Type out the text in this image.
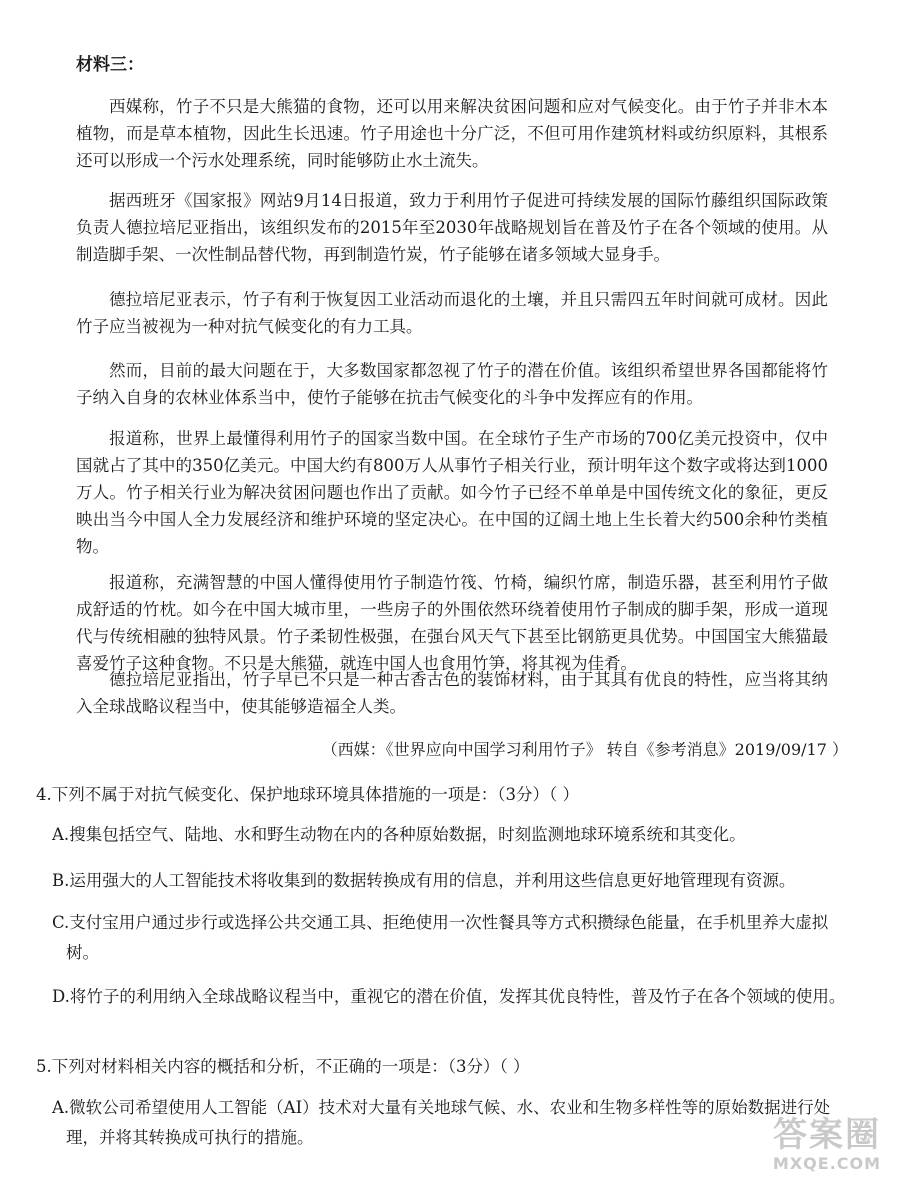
材料三：
西媒称，竹子不只是大熊猫的食物，还可以用来解决贫困问题和应对气候变化。由于竹子并非木本植物，而是草本植物，因此生长迅速。竹子用途也十分广泛，不但可用作建筑材料或纺织原料，其根系还可以形成一个污水处理系统，同时能够防止水土流失。
据西班牙《国家报》网站9月14日报道，致力于利用竹子促进可持续发展的国际竹藤组织国际政策负责人德拉培尼亚指出，该组织发布的2015年至2030年战略规划旨在普及竹子在各个领域的使用。从制造脚手架、一次性制品替代物，再到制造竹炭，竹子能够在诸多领域大显身手。
德拉培尼亚表示，竹子有利于恢复因工业活动而退化的土壤，并且只需四五年时间就可成材。因此竹子应当被视为一种对抗气候变化的有力工具。
然而，目前的最大问题在于，大多数国家都忽视了竹子的潜在价值。该组织希望世界各国都能将竹子纳入自身的农林业体系当中，使竹子能够在抗击气候变化的斗争中发挥应有的作用。
报道称，世界上最懂得利用竹子的国家当数中国。在全球竹子生产市场的700亿美元投资中，仅中国就占了其中的350亿美元。中国大约有800万人从事竹子相关行业，预计明年这个数字或将达到1000万人。竹子相关行业为解决贫困问题也作出了贡献。如今竹子已经不单单是中国传统文化的象征，更反映出当今中国人全力发展经济和维护环境的坚定决心。在中国的辽阔土地上生长着大约500余种竹类植物。
报道称，充满智慧的中国人懂得使用竹子制造竹筏、竹椅，编织竹席，制造乐器，甚至利用竹子做成舒适的竹枕。如今在中国大城市里，一些房子的外围依然环绕着使用竹子制成的脚手架，形成一道现代与传统相融的独特风景。竹子柔韧性极强，在强台风天气下甚至比钢筋更具优势。中国国宝大熊猫最喜爱竹子这种食物。不只是大熊猫，就连中国人也食用竹笋，将其视为佳肴。
德拉培尼亚指出，竹子早已不只是一种古香古色的装饰材料，由于其具有优良的特性，应当将其纳入全球战略议程当中，使其能够造福全人类。
（西媒：《世界应向中国学习利用竹子》 转自《参考消息》2019/09/17 ）
4.下列不属于对抗气候变化、保护地球环境具体措施的一项是：（3分）（ ）
A.搜集包括空气、陆地、水和野生动物在内的各种原始数据，时刻监测地球环境系统和其变化。
B.运用强大的人工智能技术将收集到的数据转换成有用的信息，并利用这些信息更好地管理现有资源。
C.支付宝用户通过步行或选择公共交通工具、拒绝使用一次性餐具等方式积攒绿色能量，在手机里养大虚拟树。
D.将竹子的利用纳入全球战略议程当中，重视它的潜在价值，发挥其优良特性，普及竹子在各个领域的使用。
5.下列对材料相关内容的概括和分析，不正确的一项是：（3分）（ ）
A.微软公司希望使用人工智能（AI）技术对大量有关地球气候、水、农业和生物多样性等的原始数据进行处理，并将其转换成可执行的措施。	答案圈
MXQE.COM
